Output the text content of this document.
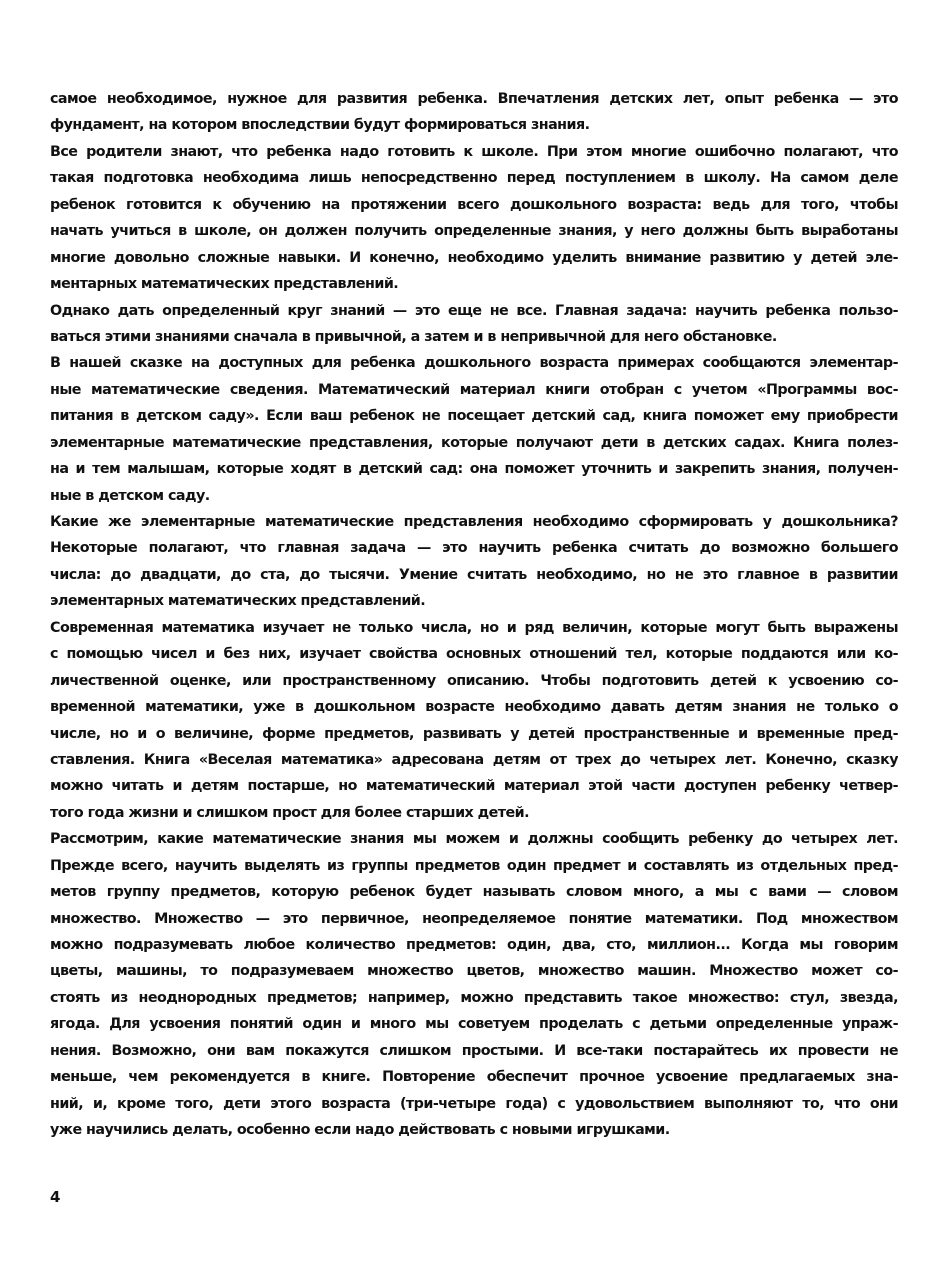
самое необходимое, нужное для развития ребенка. Впечатления детских лет, опыт ребенка — это
фундамент, на котором впоследствии будут формироваться знания.
Все родители знают, что ребенка надо готовить к школе. При этом многие ошибочно полагают, что
такая подготовка необходима лишь непосредственно перед поступлением в школу. На самом деле
ребенок готовится к обучению на протяжении всего дошкольного возраста: ведь для того, чтобы
начать учиться в школе, он должен получить определенные знания, у него должны быть выработаны
многие довольно сложные навыки. И конечно, необходимо уделить внимание развитию у детей эле-
ментарных математических представлений.
Однако дать определенный круг знаний — это еще не все. Главная задача: научить ребенка пользо-
ваться этими знаниями сначала в привычной, а затем и в непривычной для него обстановке.
В нашей сказке на доступных для ребенка дошкольного возраста примерах сообщаются элементар-
ные математические сведения. Математический материал книги отобран с учетом «Программы вос-
питания в детском саду». Если ваш ребенок не посещает детский сад, книга поможет ему приобрести
элементарные математические представления, которые получают дети в детских садах. Книга полез-
на и тем малышам, которые ходят в детский сад: она поможет уточнить и закрепить знания, получен-
ные в детском саду.
Какие же элементарные математические представления необходимо сформировать у дошкольника?
Некоторые полагают, что главная задача — это научить ребенка считать до возможно большего
числа: до двадцати, до ста, до тысячи. Умение считать необходимо, но не это главное в развитии
элементарных математических представлений.
Современная математика изучает не только числа, но и ряд величин, которые могут быть выражены
с помощью чисел и без них, изучает свойства основных отношений тел, которые поддаются или ко-
личественной оценке, или пространственному описанию. Чтобы подготовить детей к усвоению со-
временной математики, уже в дошкольном возрасте необходимо давать детям знания не только о
числе, но и о величине, форме предметов, развивать у детей пространственные и временные пред-
ставления. Книга «Веселая математика» адресована детям от трех до четырех лет. Конечно, сказку
можно читать и детям постарше, но математический материал этой части доступен ребенку четвер-
того года жизни и слишком прост для более старших детей.
Рассмотрим, какие математические знания мы можем и должны сообщить ребенку до четырех лет.
Прежде всего, научить выделять из группы предметов один предмет и составлять из отдельных пред-
метов группу предметов, которую ребенок будет называть словом много, а мы с вами — словом
множество. Множество — это первичное, неопределяемое понятие математики. Под множеством
можно подразумевать любое количество предметов: один, два, сто, миллион... Когда мы говорим
цветы, машины, то подразумеваем множество цветов, множество машин. Множество может со-
стоять из неоднородных предметов; например, можно представить такое множество: стул, звезда,
ягода. Для усвоения понятий один и много мы советуем проделать с детьми определенные упраж-
нения. Возможно, они вам покажутся слишком простыми. И все-таки постарайтесь их провести не
меньше, чем рекомендуется в книге. Повторение обеспечит прочное усвоение предлагаемых зна-
ний, и, кроме того, дети этого возраста (три-четыре года) с удовольствием выполняют то, что они
уже научились делать, особенно если надо действовать с новыми игрушками.
4
